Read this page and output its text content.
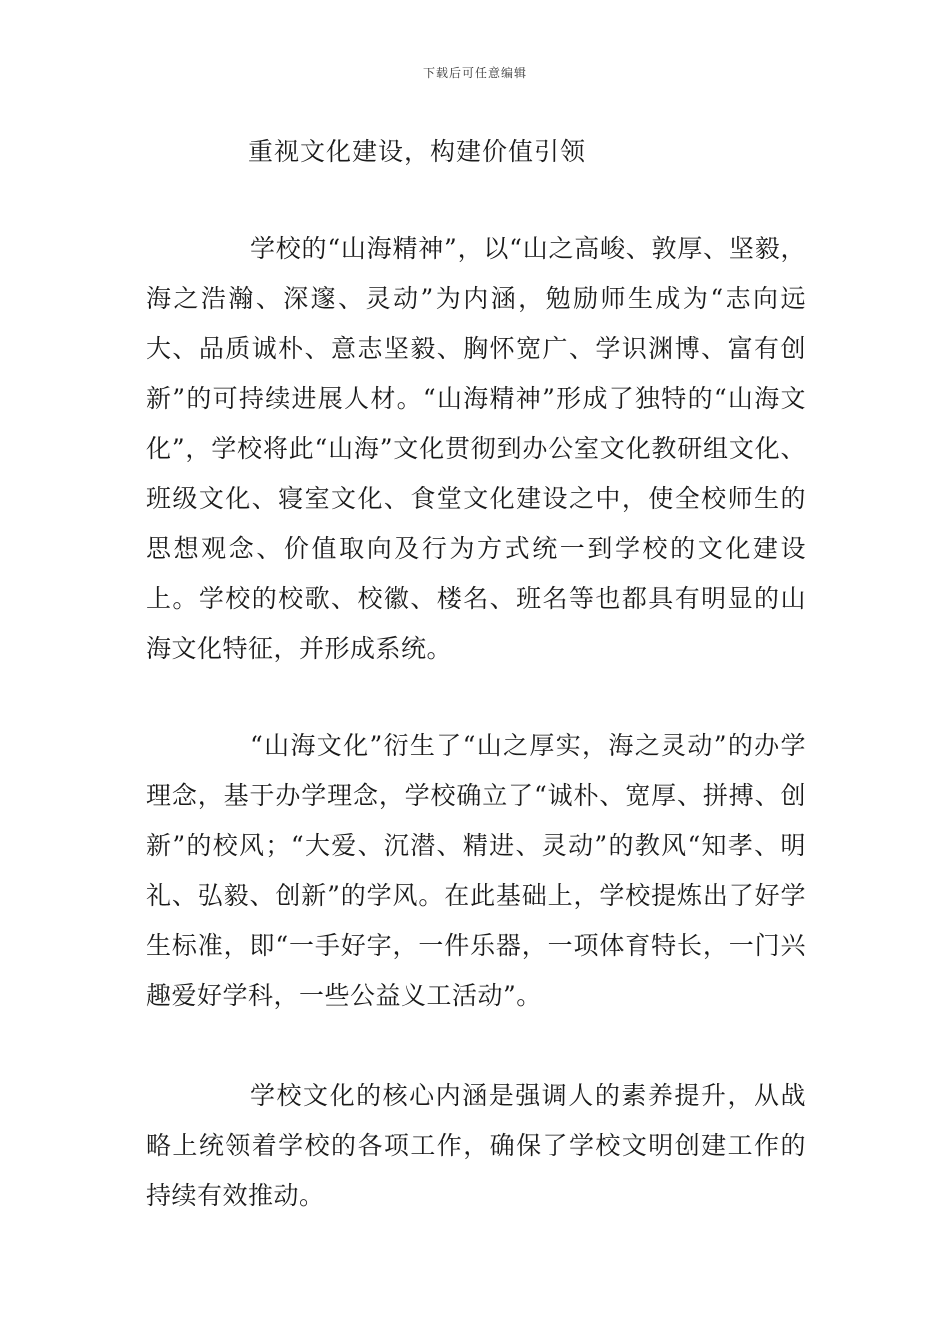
下载后可任意编辑
重视文化建设，构建价值引领

学校的“山海精神”，以“山之高峻、敦厚、坚毅，海之浩瀚、深邃、灵动”为内涵，勉励师生成为“志向远大、品质诚朴、意志坚毅、胸怀宽广、学识渊博、富有创新”的可持续进展人材。“山海精神”形成了独特的“山海文化”，学校将此“山海”文化贯彻到办公室文化教研组文化、班级文化、寝室文化、食堂文化建设之中，使全校师生的思想观念、价值取向及行为方式统一到学校的文化建设上。学校的校歌、校徽、楼名、班名等也都具有明显的山海文化特征，并形成系统。

“山海文化”衍生了“山之厚实，海之灵动”的办学理念，基于办学理念，学校确立了“诚朴、宽厚、拼搏、创新”的校风；“大爱、沉潜、精进、灵动”的教风“知孝、明礼、弘毅、创新”的学风。在此基础上，学校提炼出了好学生标准，即“一手好字，一件乐器，一项体育特长，一门兴趣爱好学科，一些公益义工活动”。

学校文化的核心内涵是强调人的素养提升，从战略上统领着学校的各项工作，确保了学校文明创建工作的持续有效推动。
